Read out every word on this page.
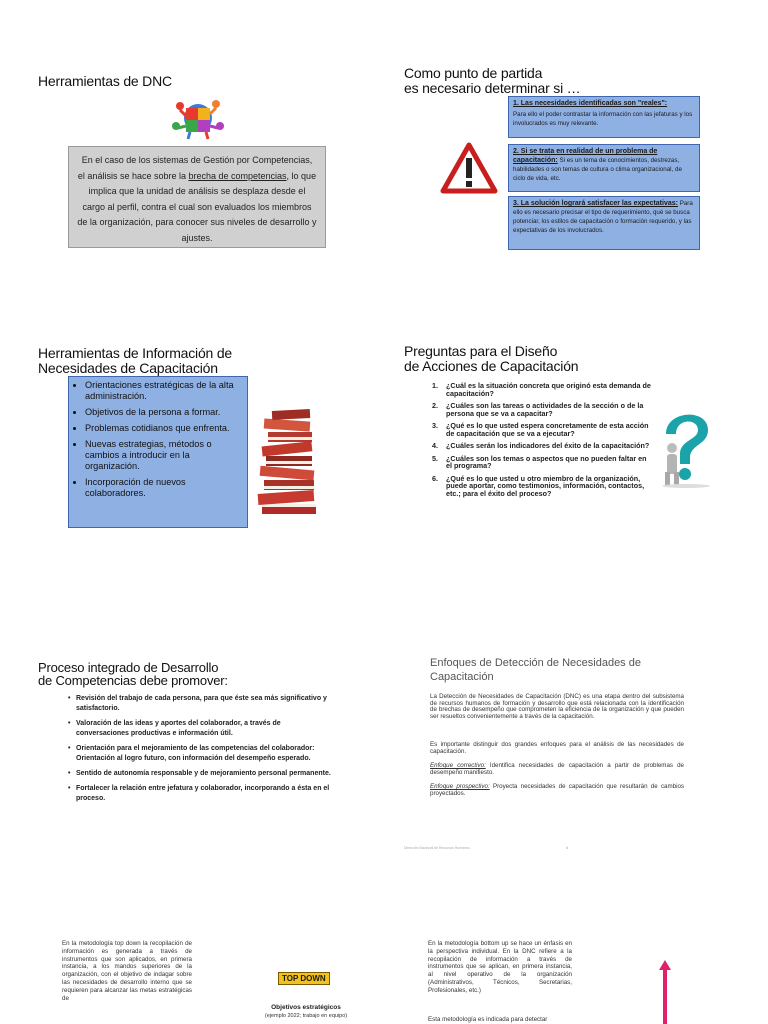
Herramientas de DNC
En el caso de los sistemas de Gestión por Competencias, el análisis se hace sobre la brecha de competencias, lo que implica que la unidad de análisis se desplaza desde el cargo al perfil, contra el cual son evaluados los miembros de la organización, para conocer sus niveles de desarrollo y ajustes.
Como punto de partida
es necesario determinar si …
1. Las necesidades identificadas son "reales":
Para ello el poder contrastar la información con las jefaturas y los involucrados es muy relevante.
2. Si se trata en realidad de un problema de capacitación: Si es un tema de conocimientos, destrezas, habilidades o son temas de cultura o clima organizacional, de ciclo de vida, etc.
3. La solución logrará satisfacer las expectativas: Para ello es necesario precisar el tipo de requerimiento, qué se busca potenciar, los estilos de capacitación o formación requerido, y las expectativas de los involucrados.
Herramientas de Información de
Necesidades de Capacitación
• Orientaciones estratégicas de la alta administración.
• Objetivos de la persona a formar.
• Problemas cotidianos que enfrenta.
• Nuevas estrategias, métodos o cambios a introducir en la organización.
• Incorporación de nuevos colaboradores.
Preguntas para el Diseño
de Acciones de Capacitación
1.	¿Cuál es la situación concreta que originó esta demanda de capacitación?
2.	¿Cuáles son las tareas o actividades de la sección o de la persona que se va a capacitar?
3.	¿Qué es lo que usted espera concretamente de esta acción de capacitación que se va a ejecutar?
4.	¿Cuáles serán los indicadores del éxito de la capacitación?
5.	¿Cuáles son los temas o aspectos que no pueden faltar en el programa?
6.	¿Qué es lo que usted u otro miembro de la organización, puede aportar, como testimonios, información, contactos, etc.; para el éxito del proceso?
Proceso integrado de Desarrollo
de Competencias debe promover:
• Revisión del trabajo de cada persona, para que éste sea más significativo y satisfactorio.
• Valoración de las ideas y aportes del colaborador, a través de conversaciones productivas e información útil.
• Orientación para el mejoramiento de las competencias del colaborador: Orientación al logro futuro, con información del desempeño esperado.
• Sentido de autonomía responsable y de mejoramiento personal permanente.
• Fortalecer la relación entre jefatura y colaborador, incorporando a ésta en el proceso.
Enfoques de Detección de Necesidades de
Capacitación

La Detección de Necesidades de Capacitación (DNC) es una etapa dentro del subsistema de recursos humanos de formación y desarrollo que está relacionada con la identificación de brechas de desempeño que comprometen la eficiencia de la organización y que pueden ser resueltos convenientemente a través de la capacitación.

Es importante distinguir dos grandes enfoques para el análisis de las necesidades de capacitación.

Enfoque correctivo: Identifica necesidades de capacitación a partir de problemas de desempeño manifiesto.

Enfoque prospectivo: Proyecta necesidades de capacitación que resultarán de cambios proyectados.

Dirección Nacional de Recursos Humanos	6

En la metodología top down la recopilación de información es generada a través de instrumentos que son aplicados, en primera instancia, a los mandos superiores de la organización, con el objetivo de indagar sobre las necesidades de desarrollo interno que se requieren para alcanzar las metas estratégicas de

TOP DOWN
Objetivos estratégicos
(ejemplo 2022; trabajo en equipo)

En la metodología bottom up se hace un énfasis en la perspectiva individual. En la DNC refiere a la recopilación de información a través de instrumentos que se aplican, en primera instancia, al nivel operativo de la organización (Administrativos, Técnicos, Secretarias, Profesionales, etc.)

Esta metodología es indicada para detectar
